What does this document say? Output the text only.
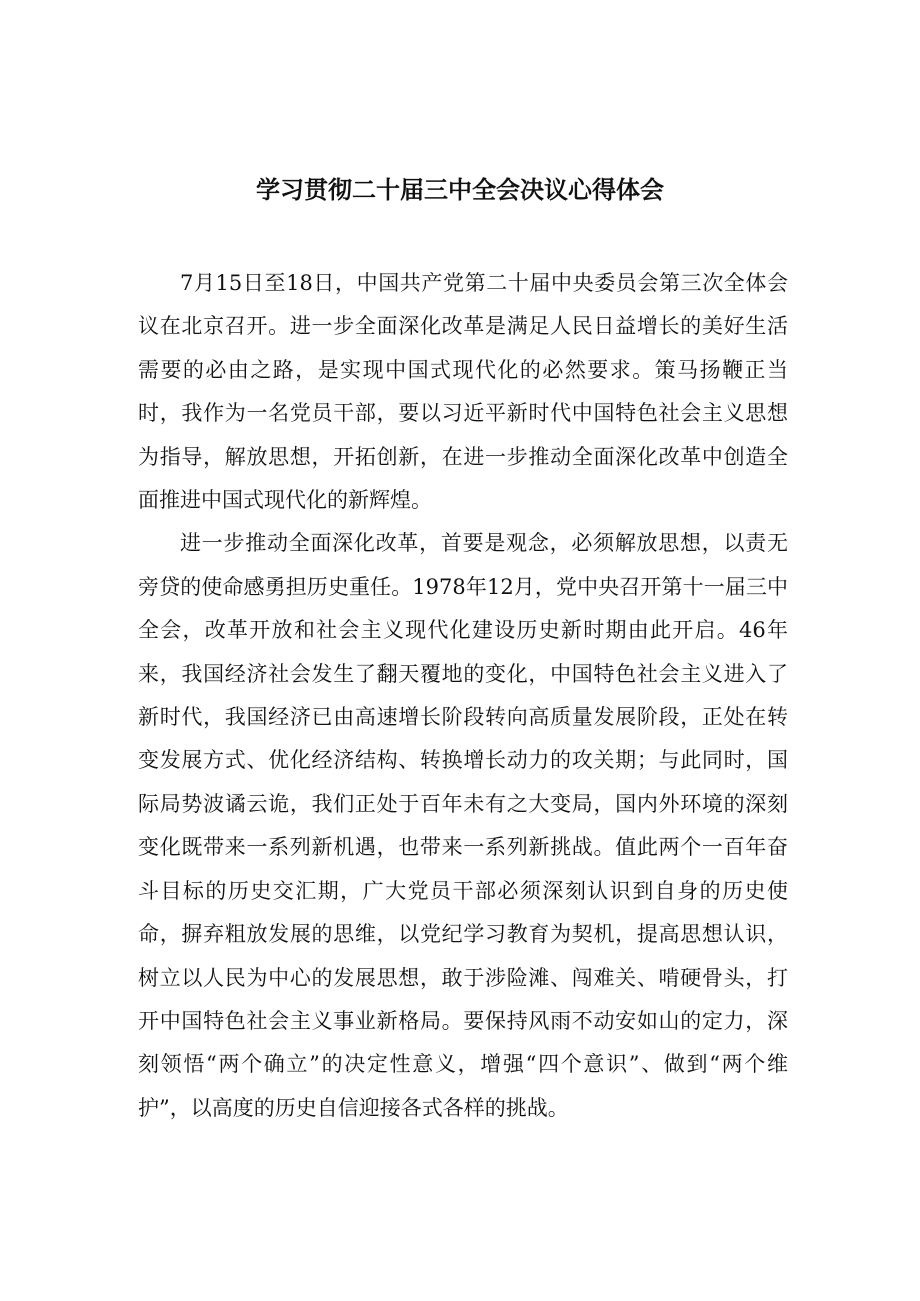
学习贯彻二十届三中全会决议心得体会

7月15日至18日，中国共产党第二十届中央委员会第三次全体会议在北京召开。进一步全面深化改革是满足人民日益增长的美好生活需要的必由之路，是实现中国式现代化的必然要求。策马扬鞭正当时，我作为一名党员干部，要以习近平新时代中国特色社会主义思想为指导，解放思想，开拓创新，在进一步推动全面深化改革中创造全面推进中国式现代化的新辉煌。

进一步推动全面深化改革，首要是观念，必须解放思想，以责无旁贷的使命感勇担历史重任。1978年12月，党中央召开第十一届三中全会，改革开放和社会主义现代化建设历史新时期由此开启。46年来，我国经济社会发生了翻天覆地的变化，中国特色社会主义进入了新时代，我国经济已由高速增长阶段转向高质量发展阶段，正处在转变发展方式、优化经济结构、转换增长动力的攻关期；与此同时，国际局势波谲云诡，我们正处于百年未有之大变局，国内外环境的深刻变化既带来一系列新机遇，也带来一系列新挑战。值此两个一百年奋斗目标的历史交汇期，广大党员干部必须深刻认识到自身的历史使命，摒弃粗放发展的思维，以党纪学习教育为契机，提高思想认识，树立以人民为中心的发展思想，敢于涉险滩、闯难关、啃硬骨头，打开中国特色社会主义事业新格局。要保持风雨不动安如山的定力，深刻领悟“两个确立”的决定性意义，增强“四个意识”、做到“两个维护”，以高度的历史自信迎接各式各样的挑战。
